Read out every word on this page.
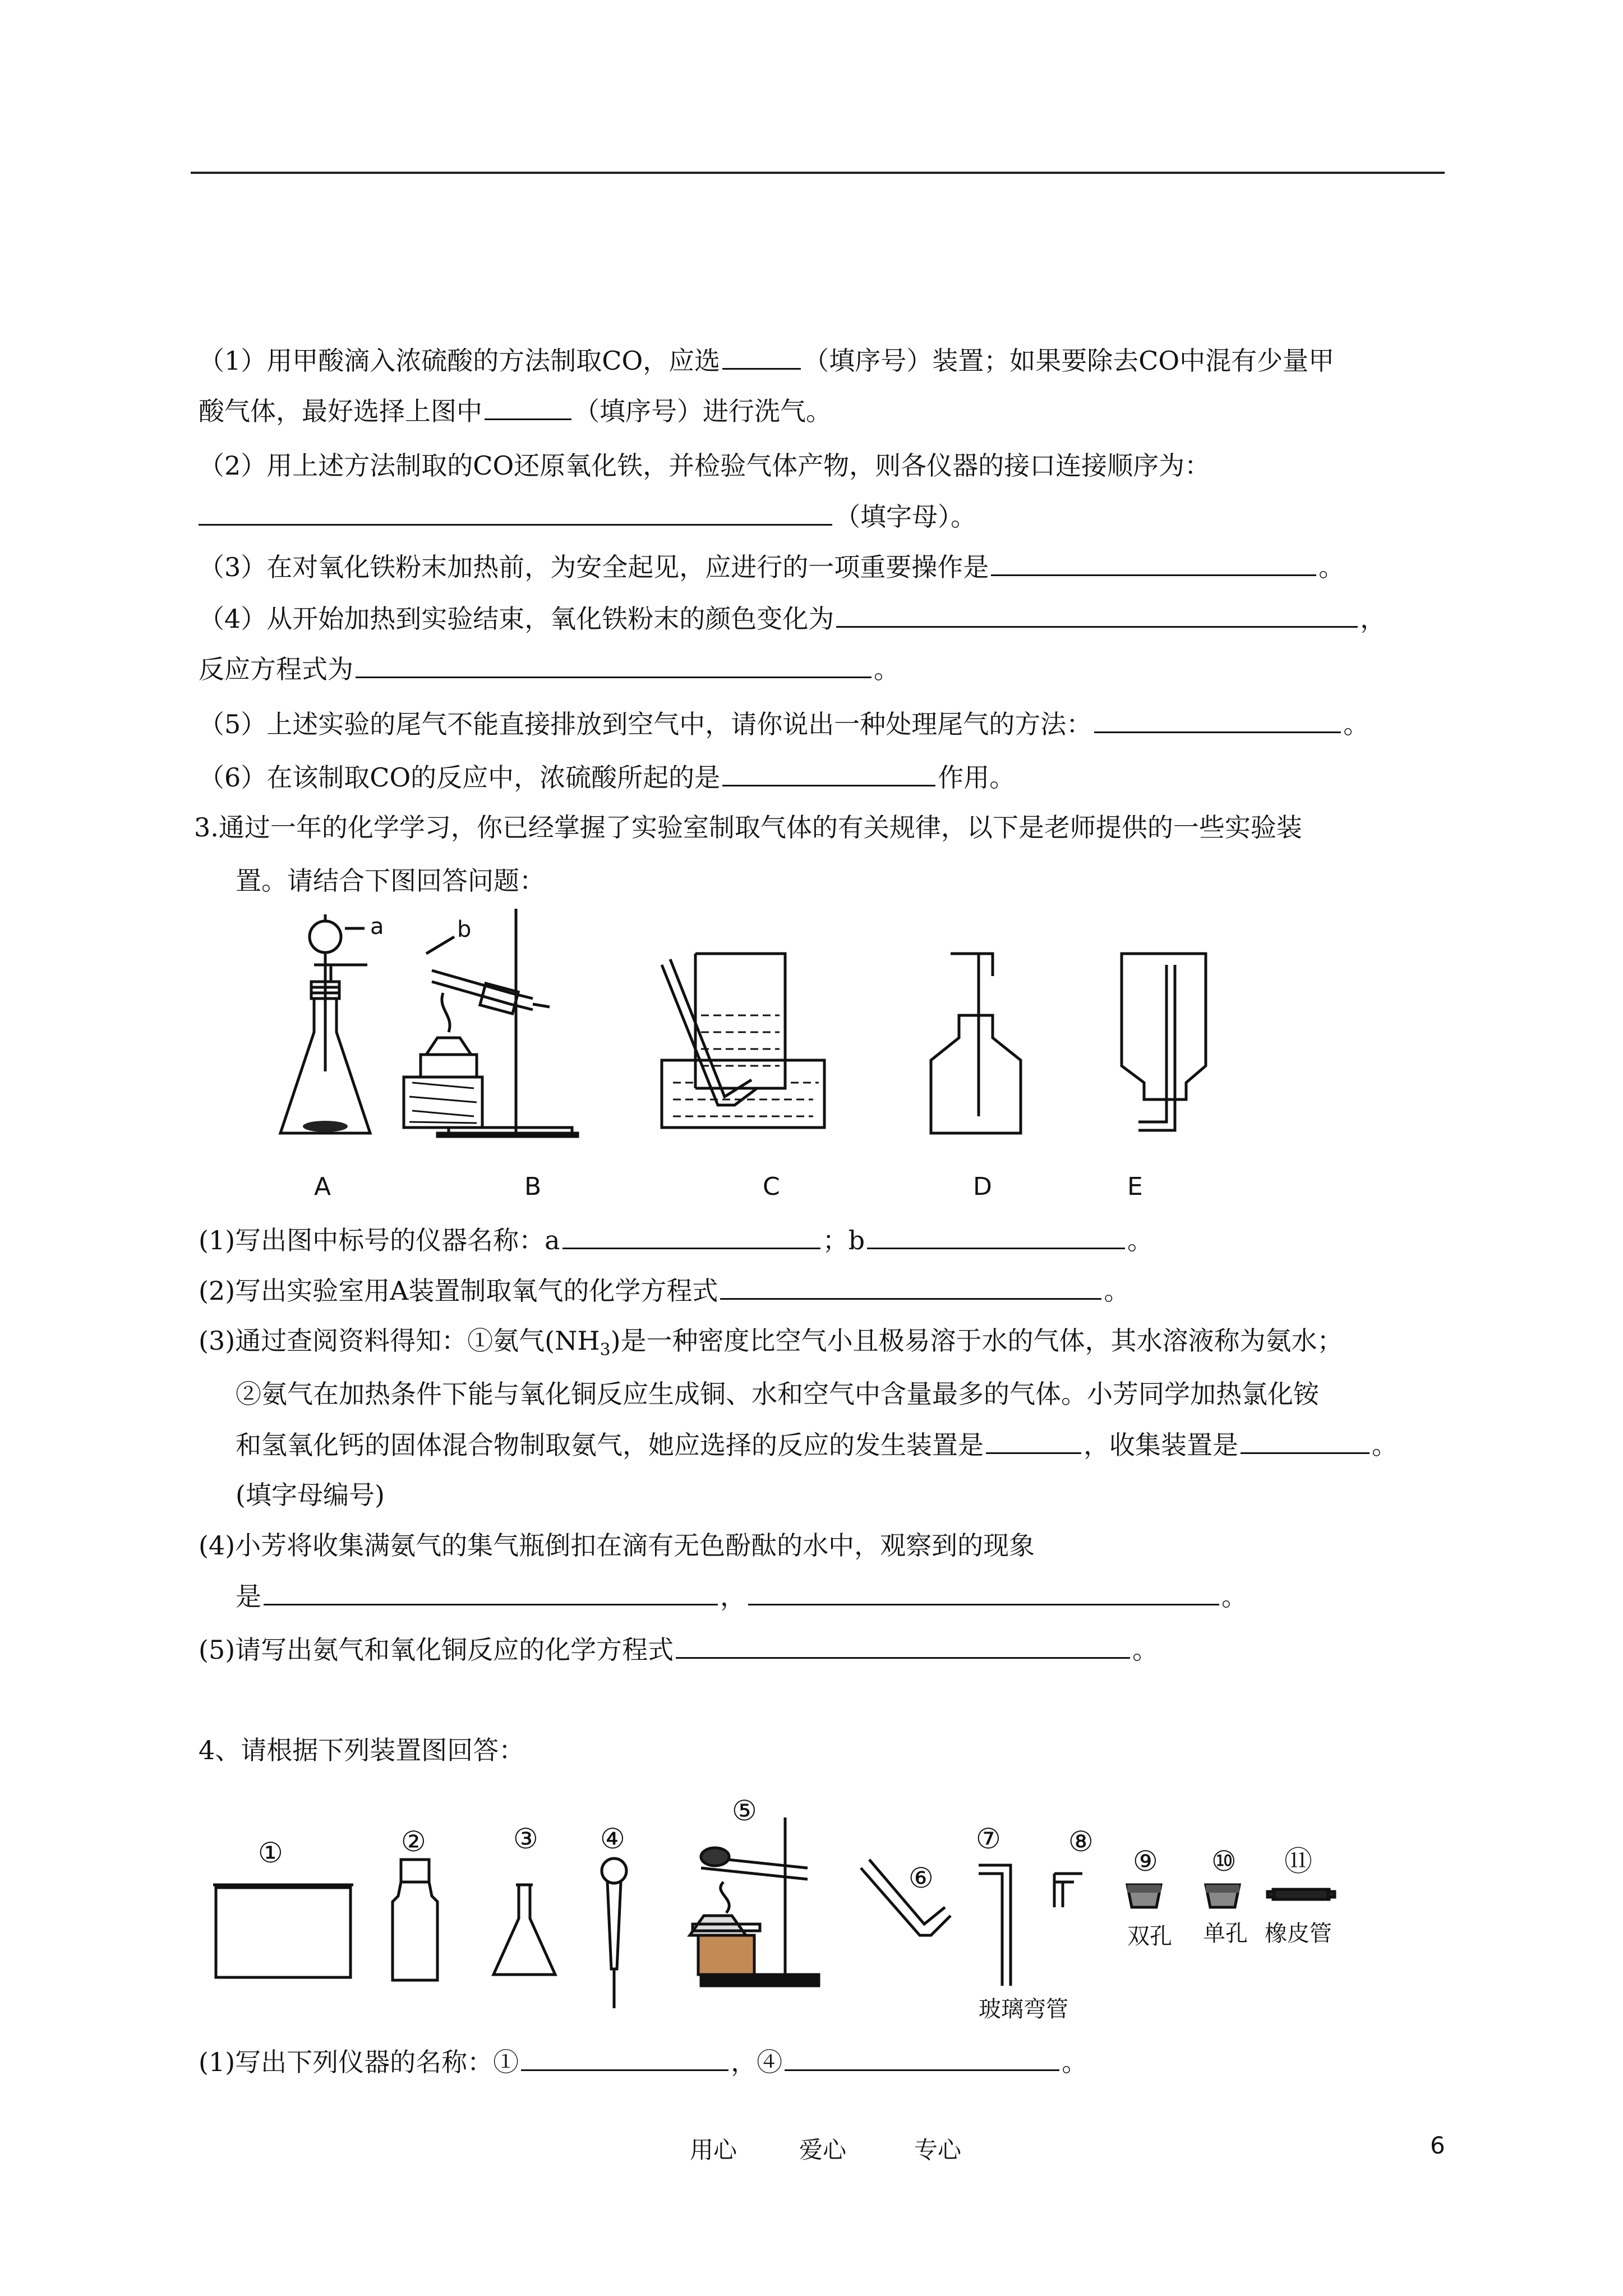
（1）用甲酸滴入浓硫酸的方法制取CO，应选	（填序号）装置；如果要除去CO中混有少量甲
酸气体，最好选择上图中	（填序号）进行洗气。
（2）用上述方法制取的CO还原氧化铁，并检验气体产物，则各仪器的接口连接顺序为：
（填字母）。
（3）在对氧化铁粉末加热前，为安全起见，应进行的一项重要操作是	。
（4）从开始加热到实验结束，氧化铁粉末的颜色变化为	，
反应方程式为	。
（5）上述实验的尾气不能直接排放到空气中，请你说出一种处理尾气的方法：	。
（6）在该制取CO的反应中，浓硫酸所起的是	作用。
3.通过一年的化学学习，你已经掌握了实验室制取气体的有关规律，以下是老师提供的一些实验装
置。请结合下图回答问题：
a	b
A	B	C	D	E
(1)写出图中标号的仪器名称：a	；b	。
(2)写出实验室用A装置制取氧气的化学方程式	。
(3)通过查阅资料得知：①氨气$(NH_3)$是一种密度比空气小且极易溶于水的气体，其水溶液称为氨水；
②氨气在加热条件下能与氧化铜反应生成铜、水和空气中含量最多的气体。小芳同学加热氯化铵
和氢氧化钙的固体混合物制取氨气，她应选择的反应的发生装置是	，收集装置是	。
(填字母编号)
(4)小芳将收集满氨气的集气瓶倒扣在滴有无色酚酞的水中，观察到的现象
是	，	。
(5)请写出氨气和氧化铜反应的化学方程式	。
4、请根据下列装置图回答：
①	②	③ ④
⑤
⑥
⑦ ⑧
⑨ ⑩ ⑪
双孔 单孔 橡皮管
玻璃弯管
(1)写出下列仪器的名称：①	，④	。
用心	爱心	专心	6
